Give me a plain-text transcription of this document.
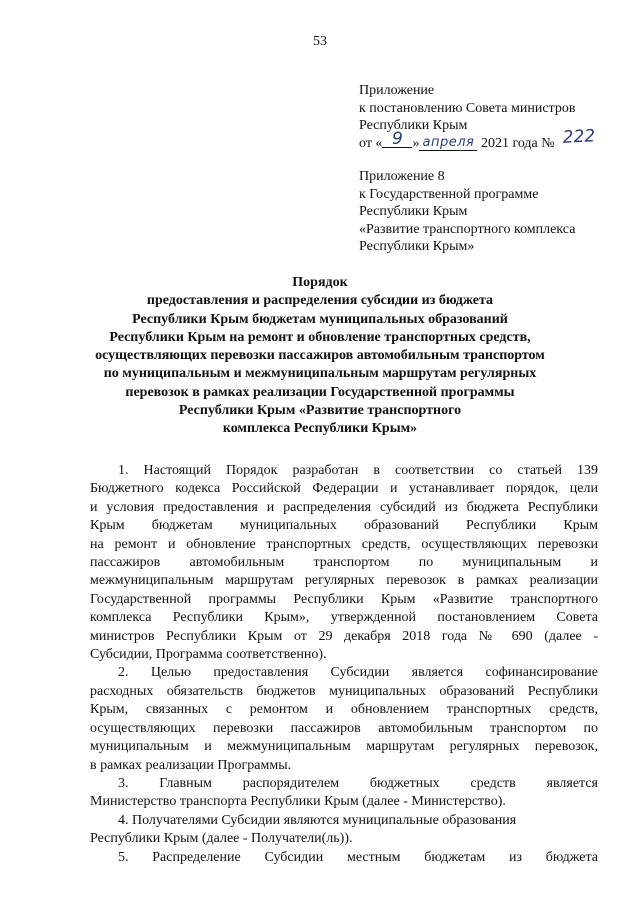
53
Приложение
к постановлению Совета министров
Республики Крым
от « 9 » апреля 2021 года № 222
Приложение 8
к Государственной программе
Республики Крым
«Развитие транспортного комплекса
Республики Крым»
Порядок
предоставления и распределения субсидии из бюджета
Республики Крым бюджетам муниципальных образований
Республики Крым на ремонт и обновление транспортных средств,
осуществляющих перевозки пассажиров автомобильным транспортом
по муниципальным и межмуниципальным маршрутам регулярных
перевозок в рамках реализации Государственной программы
Республики Крым «Развитие транспортного
комплекса Республики Крым»
1. Настоящий Порядок разработан в соответствии со статьей 139
Бюджетного кодекса Российской Федерации и устанавливает порядок, цели
и условия предоставления и распределения субсидий из бюджета Республики
Крым бюджетам муниципальных образований Республики Крым
на ремонт и обновление транспортных средств, осуществляющих перевозки
пассажиров автомобильным транспортом по муниципальным и
межмуниципальным маршрутам регулярных перевозок в рамках реализации
Государственной программы Республики Крым «Развитие транспортного
комплекса Республики Крым», утвержденной постановлением Совета
министров Республики Крым от 29 декабря 2018 года № 690 (далее -
Субсидии, Программа соответственно).
2. Целью предоставления Субсидии является софинансирование
расходных обязательств бюджетов муниципальных образований Республики
Крым, связанных с ремонтом и обновлением транспортных средств,
осуществляющих перевозки пассажиров автомобильным транспортом по
муниципальным и межмуниципальным маршрутам регулярных перевозок,
в рамках реализации Программы.
3. Главным распорядителем бюджетных средств является
Министерство транспорта Республики Крым (далее - Министерство).
4. Получателями Субсидии являются муниципальные образования
Республики Крым (далее - Получатели(ль)).
5. Распределение Субсидии местным бюджетам из бюджета
